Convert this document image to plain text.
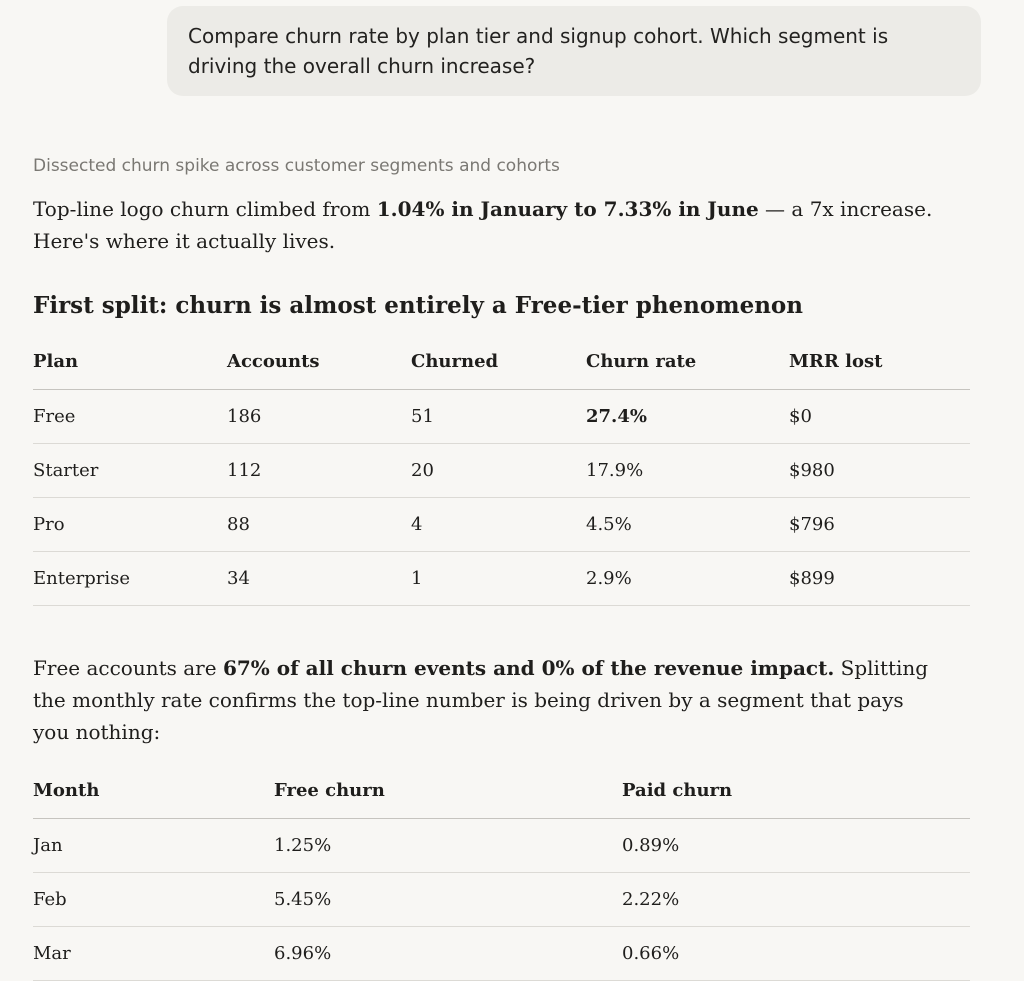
Compare churn rate by plan tier and signup cohort. Which segment is driving the overall churn increase?
Dissected churn spike across customer segments and cohorts
Top-line logo churn climbed from 1.04% in January to 7.33% in June — a 7x increase. Here's where it actually lives.
First split: churn is almost entirely a Free-tier phenomenon
Plan	Accounts	Churned	Churn rate	MRR lost
Free	186	51	27.4%	$0
Starter	112	20	17.9%	$980
Pro	88	4	4.5%	$796
Enterprise	34	1	2.9%	$899

Free accounts are 67% of all churn events and 0% of the revenue impact. Splitting the monthly rate confirms the top-line number is being driven by a segment that pays you nothing:

Month	Free churn	Paid churn
Jan	1.25%	0.89%
Feb	5.45%	2.22%
Mar	6.96%	0.66%
